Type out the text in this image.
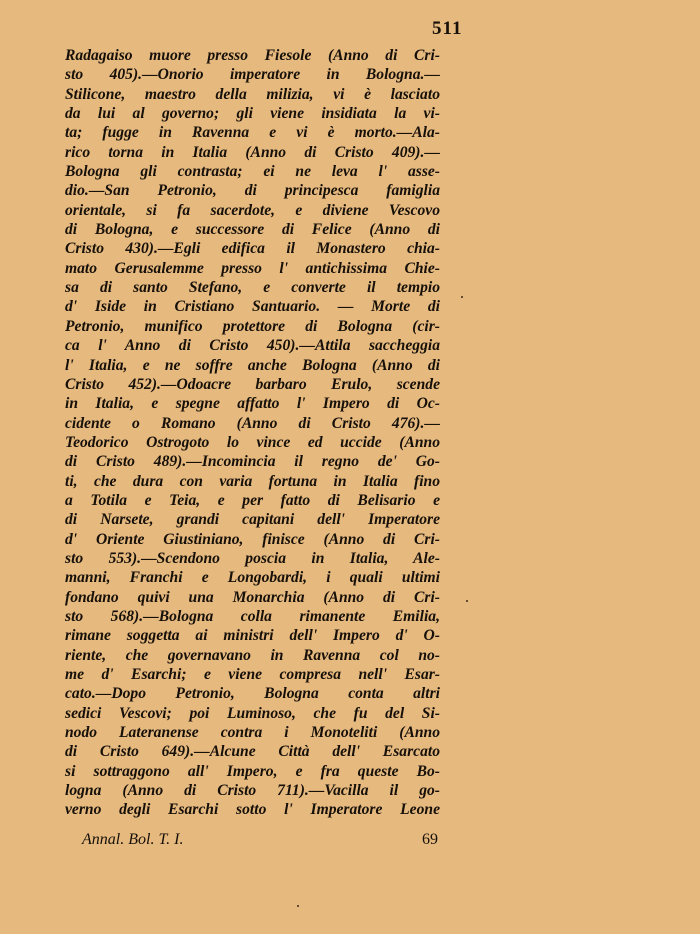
511
Radagaiso muore presso Fiesole (Anno di Cri-
sto 405).—Onorio imperatore in Bologna.—
Stilicone, maestro della milizia, vi è lasciato
da lui al governo; gli viene insidiata la vi-
ta; fugge in Ravenna e vi è morto.—Ala-
rico torna in Italia (Anno di Cristo 409).—
Bologna gli contrasta; ei ne leva l' asse-
dio.—San Petronio, di principesca famiglia
orientale, si fa sacerdote, e diviene Vescovo
di Bologna, e successore di Felice (Anno di
Cristo 430).—Egli edifica il Monastero chia-
mato Gerusalemme presso l' antichissima Chie-
sa di santo Stefano, e converte il tempio
d' Iside in Cristiano Santuario. — Morte di
Petronio, munifico protettore di Bologna (cir-
ca l' Anno di Cristo 450).—Attila saccheggia
l' Italia, e ne soffre anche Bologna (Anno di
Cristo 452).—Odoacre barbaro Erulo, scende
in Italia, e spegne affatto l' Impero di Oc-
cidente o Romano (Anno di Cristo 476).—
Teodorico Ostrogoto lo vince ed uccide (Anno
di Cristo 489).—Incomincia il regno de' Go-
ti, che dura con varia fortuna in Italia fino
a Totila e Teia, e per fatto di Belisario e
di Narsete, grandi capitani dell' Imperatore
d' Oriente Giustiniano, finisce (Anno di Cri-
sto 553).—Scendono poscia in Italia, Ale-
manni, Franchi e Longobardi, i quali ultimi
fondano quivi una Monarchia (Anno di Cri-
sto 568).—Bologna colla rimanente Emilia,
rimane soggetta ai ministri dell' Impero d' O-
riente, che governavano in Ravenna col no-
me d' Esarchi; e viene compresa nell' Esar-
cato.—Dopo Petronio, Bologna conta altri
sedici Vescovi; poi Luminoso, che fu del Si-
nodo Lateranense contra i Monoteliti (Anno
di Cristo 649).—Alcune Città dell' Esarcato
si sottraggono all' Impero, e fra queste Bo-
logna (Anno di Cristo 711).—Vacilla il go-
verno degli Esarchi sotto l' Imperatore Leone
Annal. Bol. T. I.	69
